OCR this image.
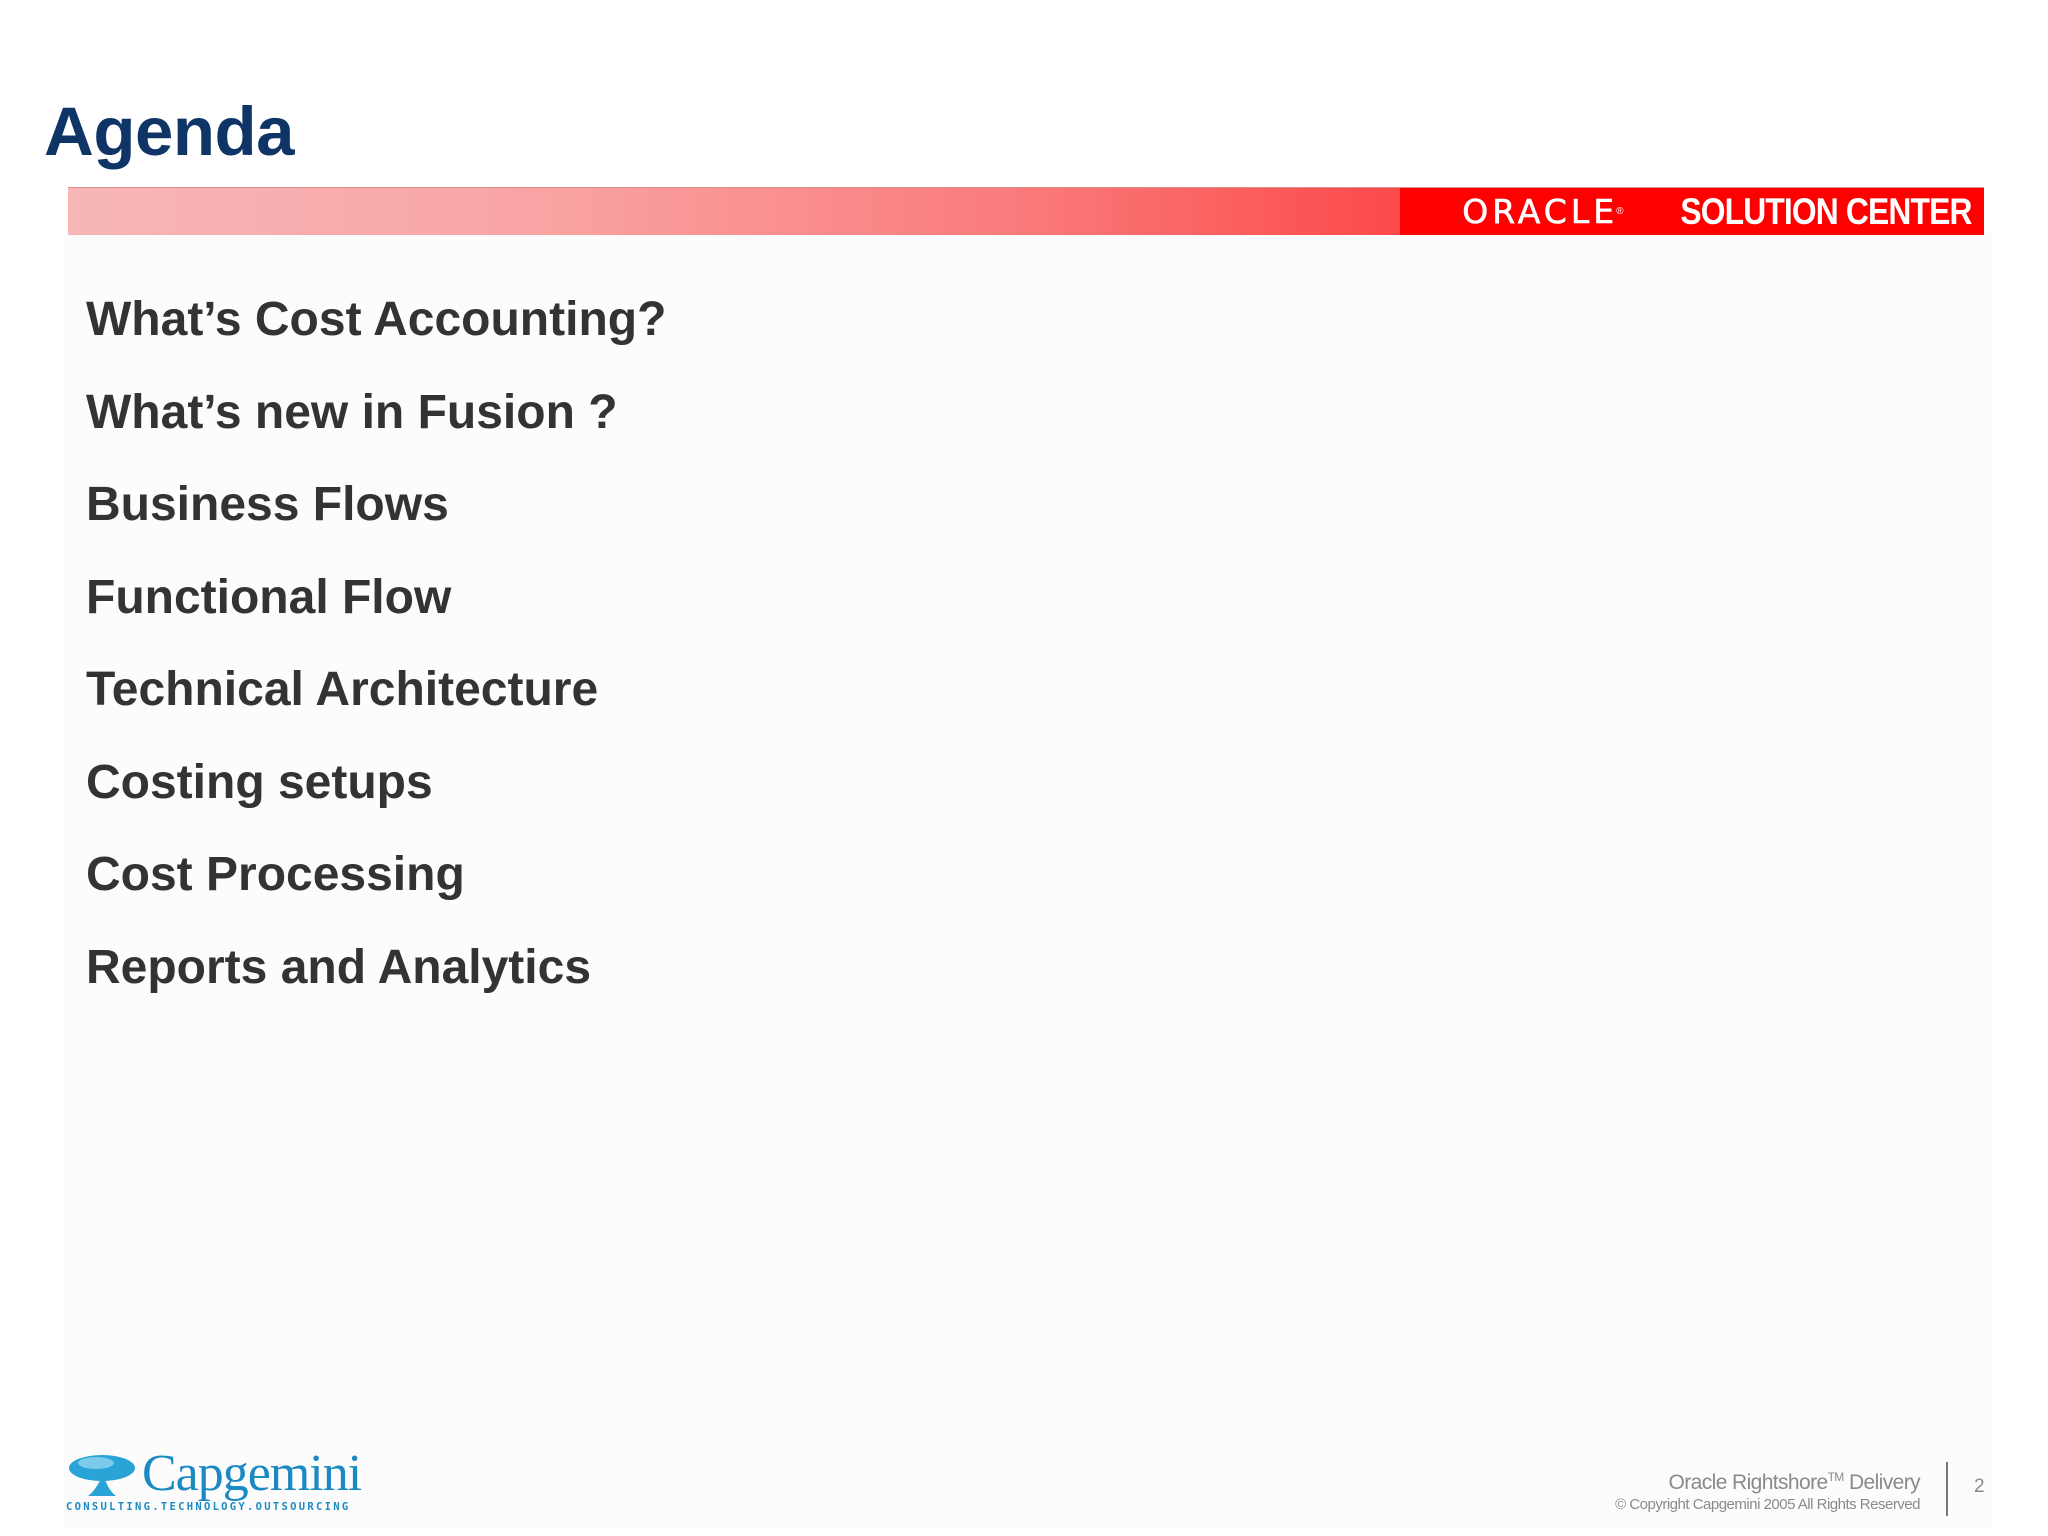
Agenda
ORACLE
® SOLUTION CENTER
What’s Cost Accounting?
What’s new in Fusion ?
Business Flows
Functional Flow
Technical Architecture
Costing setups
Cost Processing
Reports and Analytics
Capgemini
CONSULTING.TECHNOLOGY.OUTSOURCING
Oracle Rightshore™ Delivery
© Copyright Capgemini 2005 All Rights Reserved
2
